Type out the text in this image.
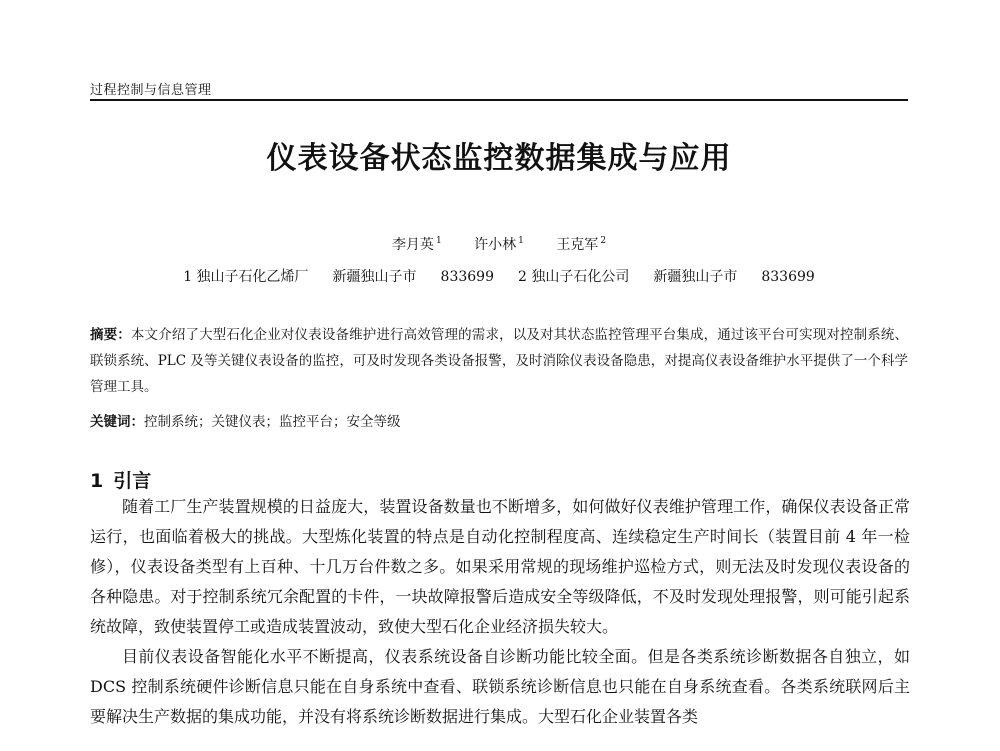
过程控制与信息管理
仪表设备状态监控数据集成与应用
李月英 $^1$ 许小林 $^1$ 王克军 $^2$
1 独山子石化乙烯厂 新疆独山子市 833699 2 独山子石化公司 新疆独山子市 833699
摘要：本文介绍了大型石化企业对仪表设备维护进行高效管理的需求，以及对其状态监控管理平台集成，通过该平台可实现对控制系统、联锁系统、PLC 及等关键仪表设备的监控，可及时发现各类设备报警，及时消除仪表设备隐患，对提高仪表设备维护水平提供了一个科学管理工具。
关键词：控制系统；关键仪表；监控平台；安全等级
1 引言

随着工厂生产装置规模的日益庞大，装置设备数量也不断增多，如何做好仪表维护管理工作，确保仪表设备正常运行，也面临着极大的挑战。大型炼化装置的特点是自动化控制程度高、连续稳定生产时间长（装置目前 4 年一检修），仪表设备类型有上百种、十几万台件数之多。如果采用常规的现场维护巡检方式，则无法及时发现仪表设备的各种隐患。对于控制系统冗余配置的卡件，一块故障报警后造成安全等级降低，不及时发现处理报警，则可能引起系统故障，致使装置停工或造成装置波动，致使大型石化企业经济损失较大。

目前仪表设备智能化水平不断提高，仪表系统设备自诊断功能比较全面。但是各类系统诊断数据各自独立，如 DCS 控制系统硬件诊断信息只能在自身系统中查看、联锁系统诊断信息也只能在自身系统查看。各类系统联网后主要解决生产数据的集成功能，并没有将系统诊断数据进行集成。大型石化企业装置各类
